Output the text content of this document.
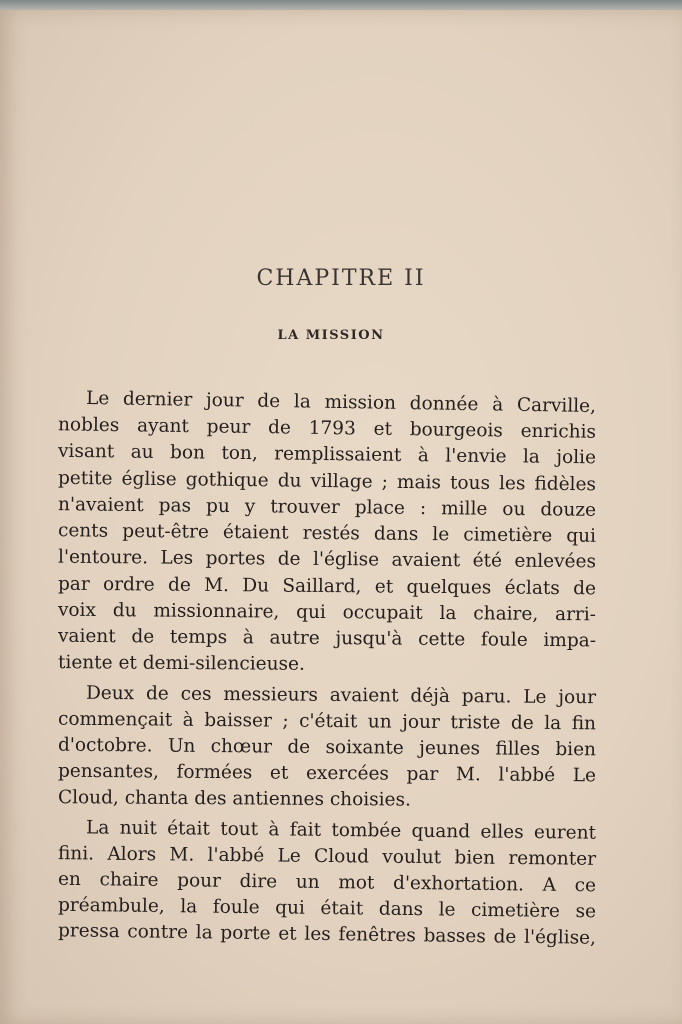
CHAPITRE II
LA MISSION
Le dernier jour de la mission donnée à Carville,
nobles ayant peur de 1793 et bourgeois enrichis
visant au bon ton, remplissaient à l'envie la jolie
petite église gothique du village ; mais tous les fidèles
n'avaient pas pu y trouver place : mille ou douze
cents peut-être étaient restés dans le cimetière qui
l'entoure. Les portes de l'église avaient été enlevées
par ordre de M. Du Saillard, et quelques éclats de
voix du missionnaire, qui occupait la chaire, arri-
vaient de temps à autre jusqu'à cette foule impa-
tiente et demi-silencieuse.
Deux de ces messieurs avaient déjà paru. Le jour
commençait à baisser ; c'était un jour triste de la fin
d'octobre. Un chœur de soixante jeunes filles bien
pensantes, formées et exercées par M. l'abbé Le
Cloud, chanta des antiennes choisies.
La nuit était tout à fait tombée quand elles eurent
fini. Alors M. l'abbé Le Cloud voulut bien remonter
en chaire pour dire un mot d'exhortation. A ce
préambule, la foule qui était dans le cimetière se
pressa contre la porte et les fenêtres basses de l'église,
